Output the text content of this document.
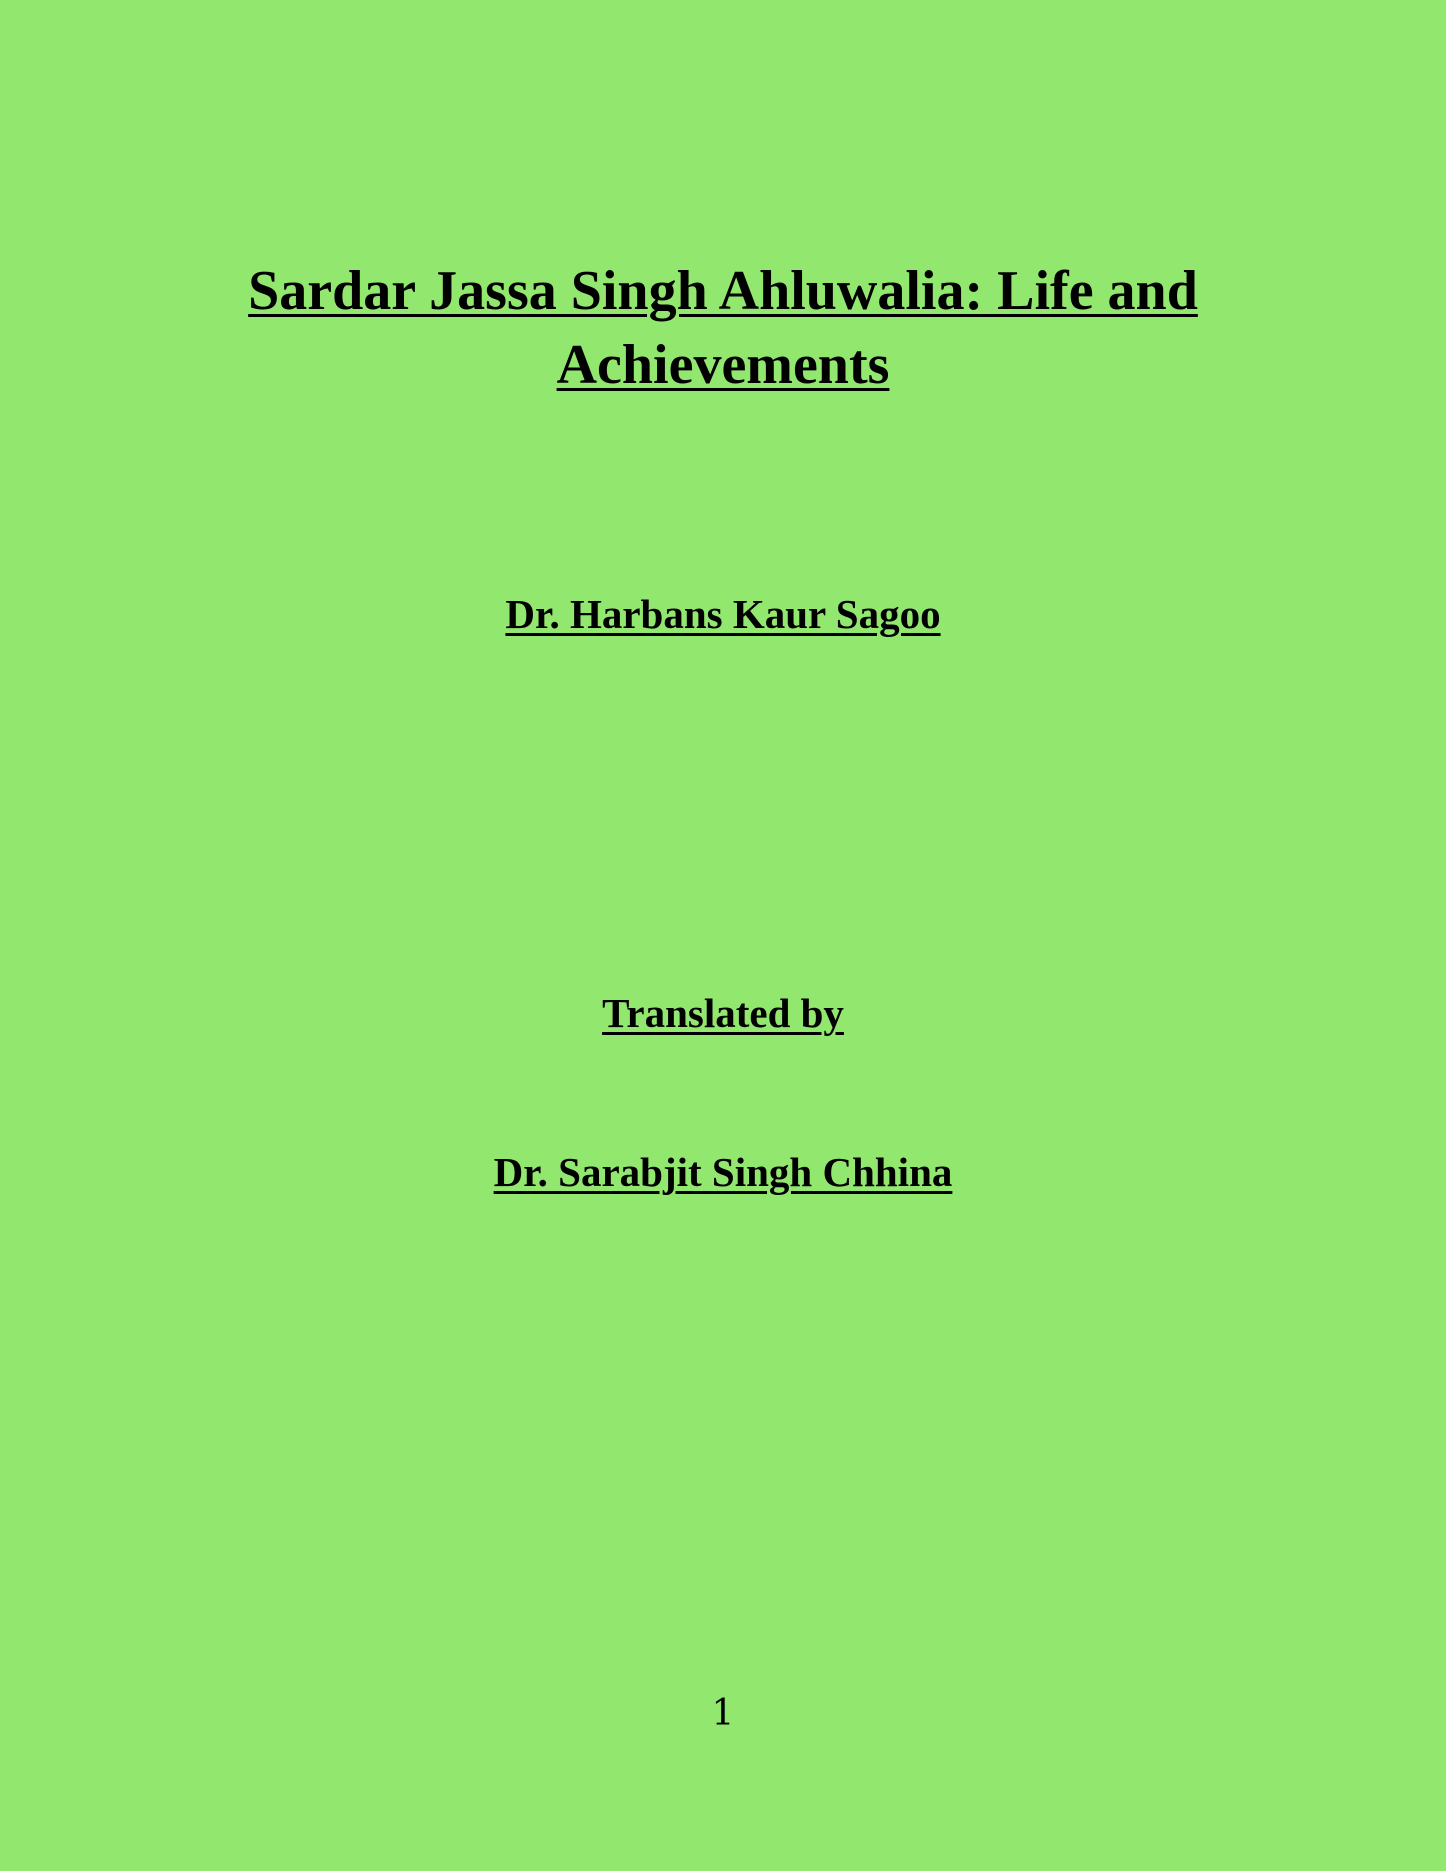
Sardar Jassa Singh Ahluwalia: Life and Achievements

Dr. Harbans Kaur Sagoo

Translated by

Dr. Sarabjit Singh Chhina

1
